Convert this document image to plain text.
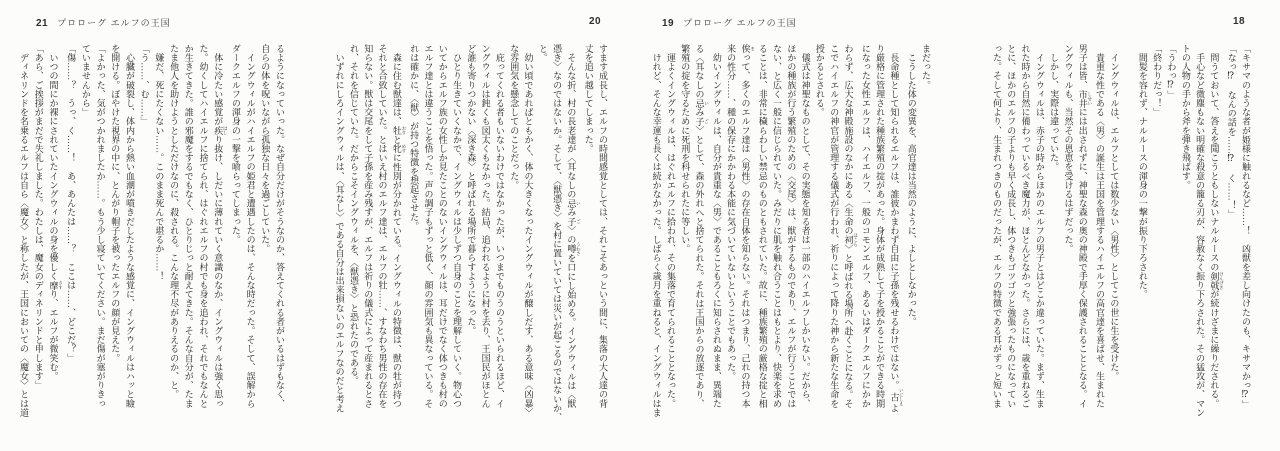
21 プロローグ エルフの王国	20	19 プロローグ エルフの王国	18

るようになっていった。なぜ自分だけがそうなのか、答えてくれる者がいるはずもなく、

自らの体を呪いながら孤独な日々を過ごしていた。

　イングウィルがハイエルフの姫君と遭遇したのは、そんな時だった。そして、誤解から

ダークエルフの渾身の一撃を喰らってしまった。

　体に冷たい感覚が疾 はしり抜け、しだいに薄れていく意識のなか、イングウィルは強く思っ

た。幼くしてハイエルフに捨てられ、はぐれエルフの村でも身を追われ、それでもなんと

か生きてきた。誰の邪魔をするでもなく、ひとりじっと耐えてきた。そんな自分が、たま

たま他人を助けようとしただけなのに、殺される。こんな理不尽がありえるのか、と。

　嫌だ、死にたくない……。このまま死んで堪るか……！

「う……、む……」

　心臓が破裂し、体内から熱い血潮が噴きだしたような感覚に、イングウィルはハッと瞼

を開ける。ぼやけた視界の中に、とんがり帽子を被ったエルフの顔が見えた。

「よかった、気がつかれましたか……。もう少し寝ていてください。まだ傷が塞がりきっ

ていませんから」

「傷……？　うっ、く……！　あ、あんたは……？　ここは……、どこだ？」

　いつの間にか裸にされていたイングウィルの身を優しく摩 さすり、エルフが微笑む。

「あら、ご挨拶がまだで失礼しました。わたしは、魔女のディネリンドと申します」

　ディネリンドを名乗るエルフは自ら〈魔女〉と称したが、王国においての〈魔女〉とは道	すます成長し、エルフの時間感覚としては、それこそあっという間に、集落の大人達の背

丈を追い越してしまった。

　そんな折、村の長老達が〈耳なしの忌 いみ子 ご〉の噂 うわさを口にし始める。イングウィルは〈獣

憑き〉なのではないか。そして、〈獣憑き〉を村に置いていては災いが起こるのではないか、と。

　幼い頃であればともかく、体の大きくなったイングウィルが醸しだす、ある意味〈凶暴〉

な雰囲気を懸念してのことだった。

　庇ってくれる者もいないわけではなかったが、いつまでものうのうといられるほど、イ

ングウィルは鈍くも図太くもなかった。結局、追われるように村を去り、王国民がほとん

ど誰も寄りつかない〈深き森〉と呼ばれる場所で暮らすようになった。

　ひとり生きていくなかで、イングウィルは少しずつ自身のことを理解していく。物心つ

いてからエルフ族の女性しか見たことのないイングウィルは、耳だけでなく体つきも村の

エルフ達とは違うことを悟った。声の調子もずっと低く、顔の雰囲気も異なっている。そ

れは確かに、〈獣〉が持つ特徴を想起させた。

　森に住む獣達は、牡 おすと牝 めすに性別が分かれている。イングウィルの特徴は、獣の牡が持つ

それと合致していた。とはいえ村のエルフ達は、エルフの牡……、すなわち男性の存在を

知らない。獣は交尾をして子孫を産み残すが、エルフは祈りの儀式によって産まれるとさ

れ、それを信じていた。だからこそイングウィルを、〈獣憑き〉と恐れたのである。

　いずれにしろイングウィルは、〈耳なし〉である自分は出来損ないのエルフなのだと考え	まだった。

　こうした体の変異を、高官達は当然のように、よしとしなかった。

　長命種として知られるエルフは、誰彼かまわず自由に子孫を残せるわけではない。古 いにしえよ

り厳格に管理された種族繁殖の掟があった。身体が成熟して子を授かることができる時期

になった女性エルフは、ハイエルフ、一般のコモンエルフ、あるいはダークエルフにかか

わらず、広大な神殿施設のなかにある〈生命の祠 ほこら〉と呼ばれる場所へ赴くことになる。そ

こでハイエルフの神官が管理する儀式が行われ、祈りによって降りた神から新たな生命を

授かるとされる。

　儀式は神聖なものとして、その実態を知る者は一部のハイエルフしかいない。だから、

ほかの種族が行う繁殖のための〈交尾〉は、獣がするものであり、エルフが行うことでは

ない、と広く一般に信じられていた。みだりに肌を触れ合うことはもとより、快楽を求め

ることは、非常に穢らわしい禁忌のものともされていた。故に、種族繁殖の厳格な掟と相

俟 まって、多くのエルフ達は〈男性〉の存在自体を知らない。それはつまり、己れの持つ本

来の性分……、種の保存にかかわる本能に気づいていないということでもあった。

　幼いイングウィルは、自分が貴重な〈男〉であることもろくに知らされぬまま、異端た

る〈耳なしの忌 いみ子 ご〉として、森の外れへと捨てられた。それは王国からの放逐であり、

繁殖の掟を守るために死刑を科せられたに等しい。

　運よくイングウィルは、はぐれエルフに拾われ、その集落で育てられることとなった。

　けれど、そんな幸運も長くは続かなかった。しばらく歳月を重ねると、イングウィルはま	「キサマのような者が姫様に触れるなど……！　凶獣を差し向けたのも、キサマかっ⁉」

「なっ⁉　なんの話を……⁉　く……！」

　問うておいて、答えを聞こうともしないナルルースの剣戟 けんげきが続けざまに繰りだされる。

　手心など微塵もない明確な殺意の籠る刃が、容赦なく振り下ろされた。その猛攻が、マン

トの人物の手から斧を弾き飛ばす。

「うわっ⁉」

「終わりだっ！」

　間髪を容れず、ナルルースの渾身の一撃が振り下ろされた。

　イングウィルは、エルフとしては数少ない〈男性〉としてこの世に生を受けた。

　貴重な性である〈男〉の誕生は王国を管理するハイエルフの高官達を喜ばせ、生まれた

男子は皆、市井 しせいには出されずに、神聖な森の奥の神殿で手厚く保護されることとなる。イ

ングウィルも、当然その恩恵を受けるはずだった。

　しかし、実際は違っていた。

　イングウィルは、赤子の時からほかのエルフの男子とはどこか違っていた。まず、生ま

れた時から自然に備わっているべき魔力が、ほとんどなかった。さらには、歳を重ねるご

とに、ほかのエルフの子よりも早く成長し、体つきもゴツゴツと強張ったものになってい

った。そして何より、生まれつきのものだったが、エルフの特徴である耳がずっと短いま
